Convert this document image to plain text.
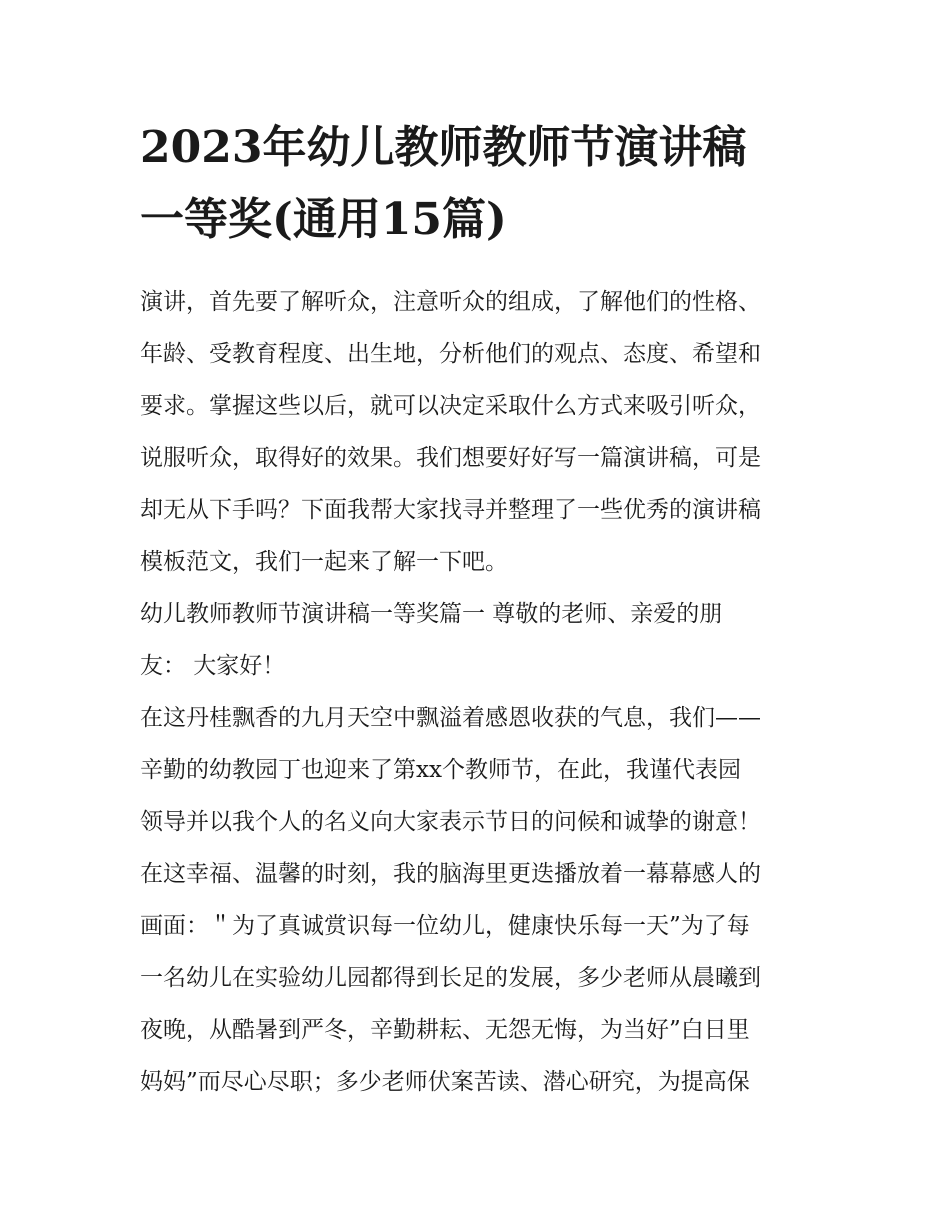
2023年幼儿教师教师节演讲稿
一等奖(通用15篇)
演讲，首先要了解听众，注意听众的组成，了解他们的性格、
年龄、受教育程度、出生地，分析他们的观点、态度、希望和
要求。掌握这些以后，就可以决定采取什么方式来吸引听众，
说服听众，取得好的效果。我们想要好好写一篇演讲稿，可是
却无从下手吗？下面我帮大家找寻并整理了一些优秀的演讲稿
模板范文，我们一起来了解一下吧。
幼儿教师教师节演讲稿一等奖篇一 尊敬的老师、亲爱的朋
友： 大家好！
在这丹桂飘香的九月天空中飘溢着感恩收获的气息，我们——
辛勤的幼教园丁也迎来了第xx个教师节，在此，我谨代表园
领导并以我个人的名义向大家表示节日的问候和诚挚的谢意！
在这幸福、温馨的时刻，我的脑海里更迭播放着一幕幕感人的
画面：＂为了真诚赏识每一位幼儿，健康快乐每一天”为了每
一名幼儿在实验幼儿园都得到长足的发展，多少老师从晨曦到
夜晚，从酷暑到严冬，辛勤耕耘、无怨无悔，为当好”白日里
妈妈”而尽心尽职；多少老师伏案苦读、潜心研究，为提高保
